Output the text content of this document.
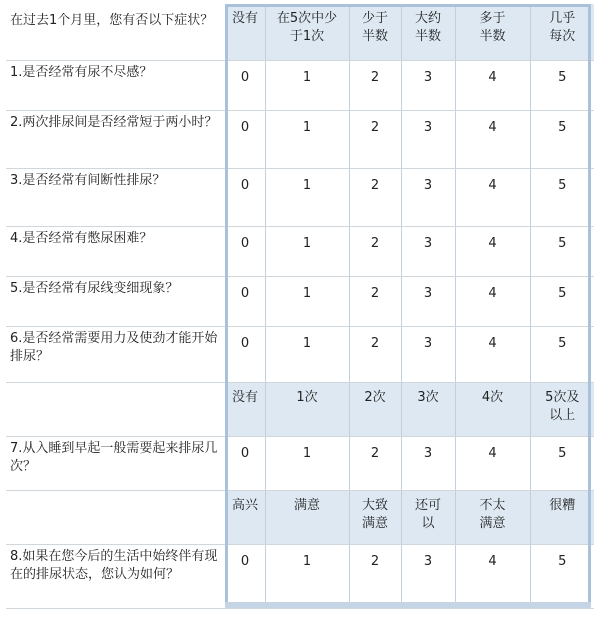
在过去1个月里，您有否以下症状？	没有	在5次中少于1次	少于半数	大约半数	多于半数	几乎每次
1.是否经常有尿不尽感？	0	1	2	3	4	5
2.两次排尿间是否经常短于两小时？	0	1	2	3	4	5
3.是否经常有间断性排尿？	0	1	2	3	4	5
4.是否经常有憋尿困难？	0	1	2	3	4	5
5.是否经常有尿线变细现象？	0	1	2	3	4	5
6.是否经常需要用力及使劲才能开始排尿？	0	1	2	3	4	5
	没有	1次	2次	3次	4次	5次及以上
7.从入睡到早起一般需要起来排尿几次？	0	1	2	3	4	5
	高兴	满意	大致满意	还可以	不太满意	很糟
8.如果在您今后的生活中始终伴有现在的排尿状态，您认为如何？	0	1	2	3	4	5
